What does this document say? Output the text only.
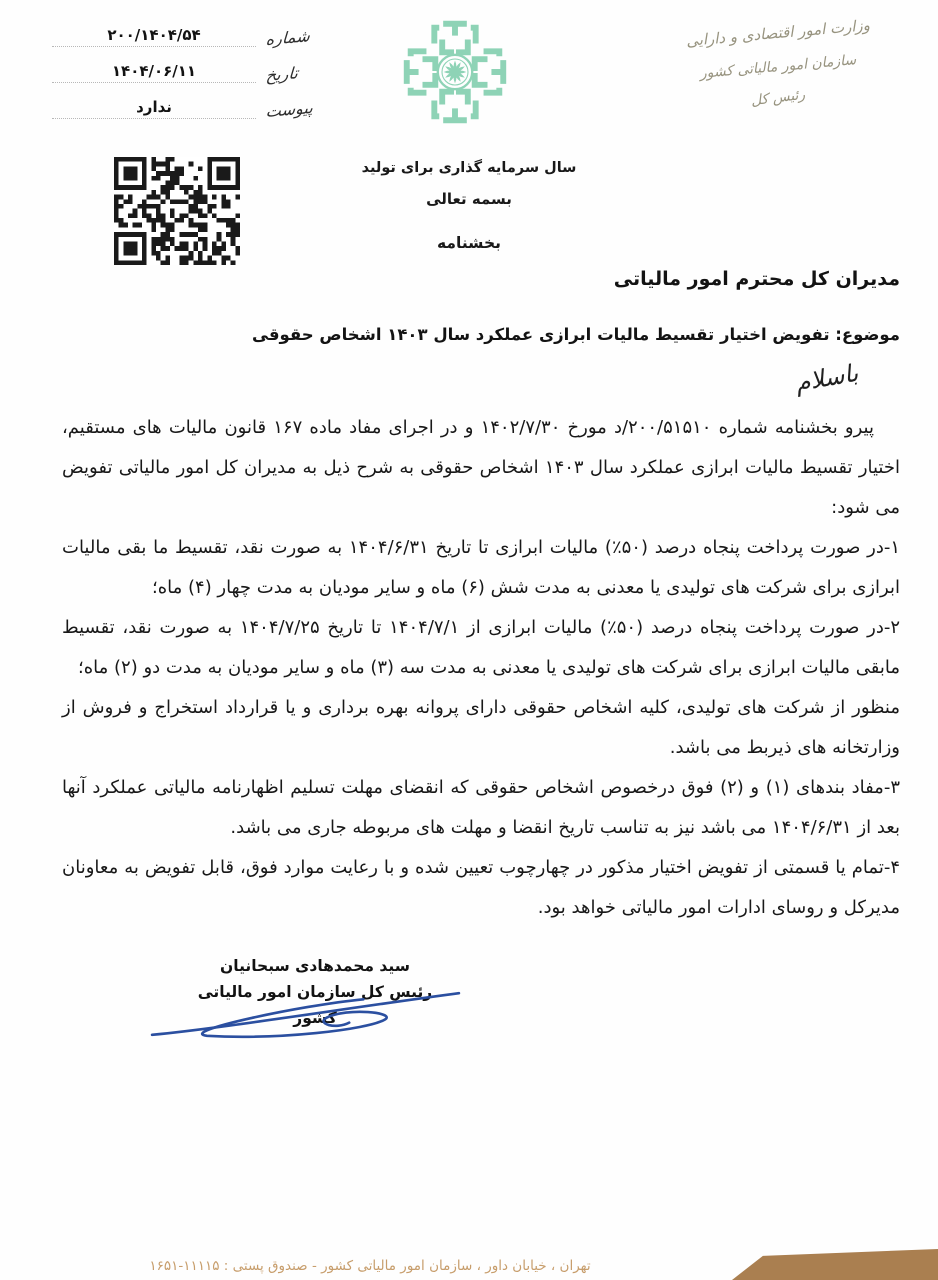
شماره
۲۰۰/۱۴۰۴/۵۴
تاریخ
۱۴۰۴/۰۶/۱۱
پیوست
ندارد
وزارت امور اقتصادی و دارایی
سازمان امور مالیاتی کشور
رئیس کل
سال سرمایه گذاری برای تولید
بسمه تعالی
بخشنامه
مدیران کل محترم امور مالیاتی
موضوع: تفویض اختیار تقسیط مالیات ابرازی عملکرد سال ۱۴۰۳ اشخاص حقوقی
باسلام

پیرو بخشنامه شماره ۲۰۰/۵۱۵۱۰/د مورخ ۱۴۰۲/۷/۳۰ و در اجرای مفاد ماده ۱۶۷ قانون مالیات های مستقیم، اختیار تقسیط مالیات ابرازی عملکرد سال ۱۴۰۳ اشخاص حقوقی به شرح ذیل به مدیران کل امور مالیاتی تفویض می شود:

۱-در صورت پرداخت پنجاه درصد (۵۰٪) مالیات ابرازی تا تاریخ ۱۴۰۴/۶/۳۱ به صورت نقد، تقسیط ما بقی مالیات ابرازی برای شرکت های تولیدی یا معدنی به مدت شش (۶) ماه و سایر مودیان به مدت چهار (۴) ماه؛

۲-در صورت پرداخت پنجاه درصد (۵۰٪) مالیات ابرازی از ۱۴۰۴/۷/۱ تا تاریخ ۱۴۰۴/۷/۲۵ به صورت نقد، تقسیط مابقی مالیات ابرازی برای شرکت های تولیدی یا معدنی به مدت سه (۳) ماه و سایر مودیان به مدت دو (۲) ماه؛

منظور از شرکت های تولیدی، کلیه اشخاص حقوقی دارای پروانه بهره برداری و یا قرارداد استخراج و فروش از وزارتخانه های ذیربط می باشد.

۳-مفاد بندهای (۱) و (۲) فوق درخصوص اشخاص حقوقی که انقضای مهلت تسلیم اظهارنامه مالیاتی عملکرد آنها بعد از ۱۴۰۴/۶/۳۱ می باشد نیز به تناسب تاریخ انقضا و مهلت های مربوطه جاری می باشد.

۴-تمام یا قسمتی از تفویض اختیار مذکور در چهارچوب تعیین شده و با رعایت موارد فوق، قابل تفویض به معاونان مدیرکل و روسای ادارات امور مالیاتی خواهد بود.

سید محمدهادی سبحانیان
رئیس کل سازمان امور مالیاتی کشور
تهران ، خیابان داور ، سازمان امور مالیاتی کشور - صندوق پستی : ۱۱۱۱۵-۱۶۵۱
